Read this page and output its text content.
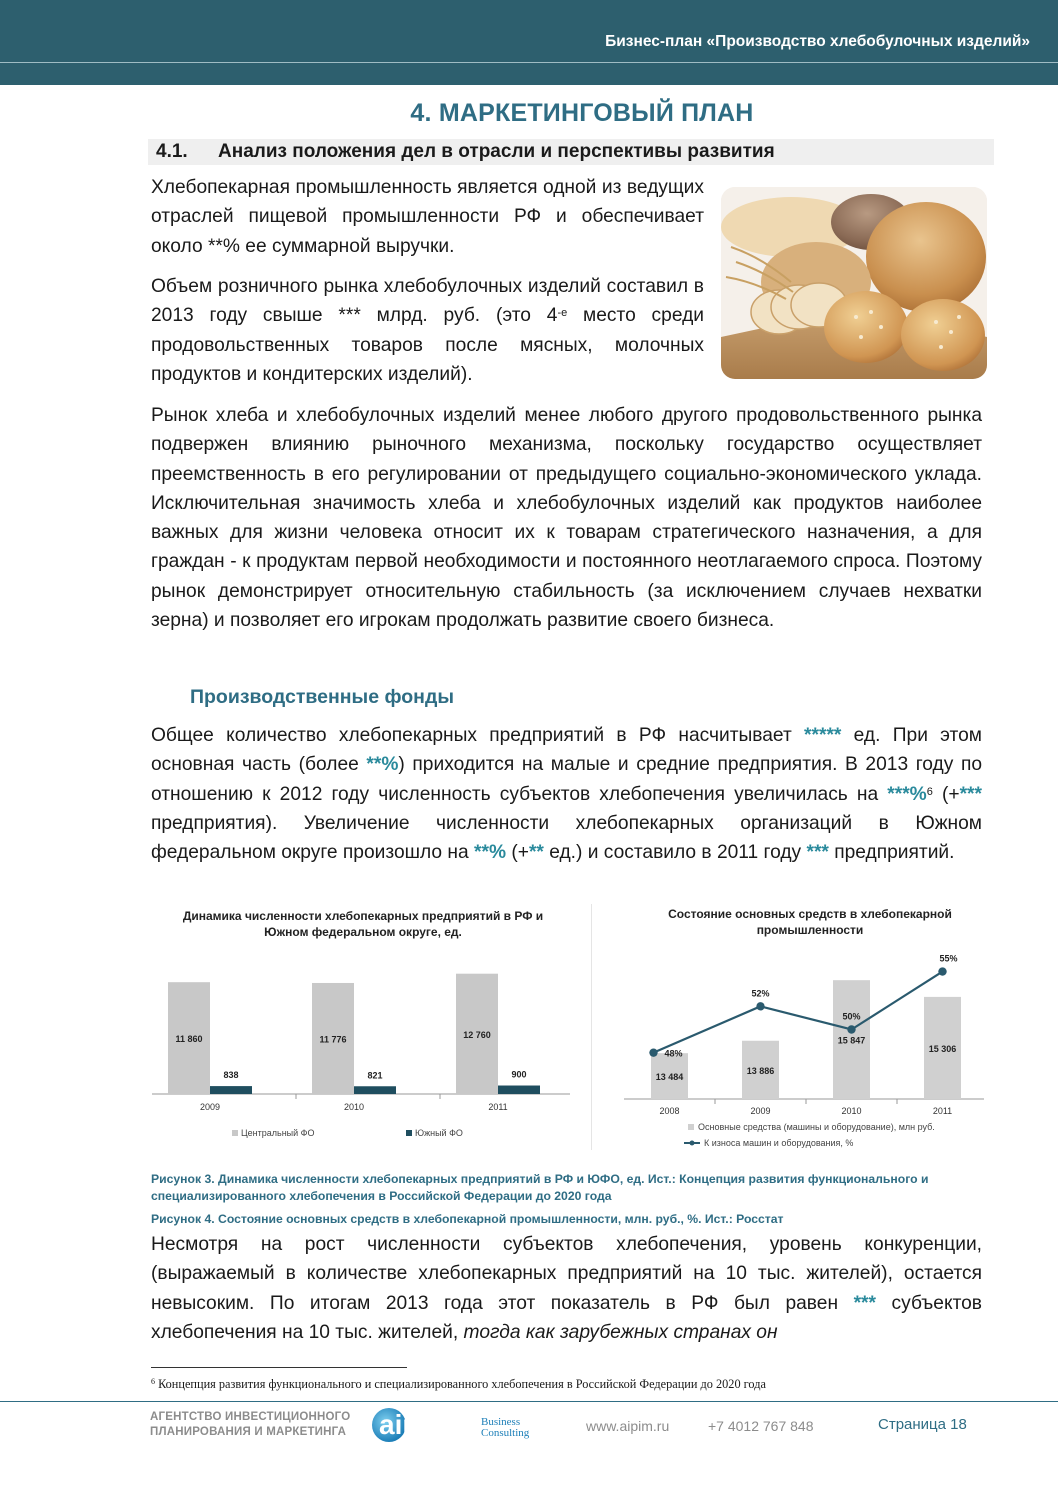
Бизнес-план «Производство хлебобулочных изделий»
4. МАРКЕТИНГОВЫЙ ПЛАН
4.1.	Анализ положения дел в отрасли и перспективы развития

Хлебопекарная промышленность является одной из ведущих отраслей пищевой промышленности РФ и обеспечивает около **% ее суммарной выручки.

Объем розничного рынка хлебобулочных изделий составил в 2013 году свыше *** млрд. руб. (это $4^{-е}$ место среди продовольственных товаров после мясных, молочных продуктов и кондитерских изделий).

Рынок хлеба и хлебобулочных изделий менее любого другого продовольственного рынка подвержен влиянию рыночного механизма, поскольку государство осуществляет преемственность в его регулировании от предыдущего социально-экономического уклада. Исключительная значимость хлеба и хлебобулочных изделий как продуктов наиболее важных для жизни человека относит их к товарам стратегического назначения, а для граждан - к продуктам первой необходимости и постоянного неотлагаемого спроса. Поэтому рынок демонстрирует относительную стабильность (за исключением случаев нехватки зерна) и позволяет его игрокам продолжать развитие своего бизнеса.

Производственные фонды

Общее количество хлебопекарных предприятий в РФ насчитывает ***** ед. При этом основная часть (более **%) приходится на малые и средние предприятия. В 2013 году по отношению к 2012 году численность субъектов хлебопечения увеличилась на ***%$^6$ (+*** предприятия). Увеличение численности хлебопекарных организаций в Южном федеральном округе произошло на **% (+** ед.) и составило в 2011 году *** предприятий.

Динамика численности хлебопекарных предприятий в РФ и
Южном федеральном округе, ед.
11 860
838
2009
11 776
821
2010
12 760
900
2011
Центральный ФО	Южный ФО
Состояние основных средств в хлебопекарной
промышленности
13 484
2008
13 886
2009
15 847
2010
15 306
2011
48%
52%
50%
55%
Основные средства (машины и оборудование), млн руб.
К износа машин и оборудования, %
Рисунок 3. Динамика численности хлебопекарных предприятий в РФ и ЮФО, ед. Ист.: Концепция развития функционального и специализированного хлебопечения в Российской Федерации до 2020 года
Рисунок 4. Состояние основных средств в хлебопекарной промышленности, млн. руб., %. Ист.: Росстат

Несмотря на рост численности субъектов хлебопечения, уровень конкуренции, (выражаемый в количестве хлебопекарных предприятий на 10 тыс. жителей), остается невысоким. По итогам 2013 года этот показатель в РФ был равен *** субъектов хлебопечения на 10 тыс. жителей, тогда как зарубежных странах он

$^6$ Концепция развития функционального и специализированного хлебопечения в Российской Федерации до 2020 года
АГЕНТСТВО ИНВЕСТИЦИОННОГО
ПЛАНИРОВАНИЯ И МАРКЕТИНГА aipim	Business
Consulting	www.aipim.ru	+7 4012 767 848	Страница 18
